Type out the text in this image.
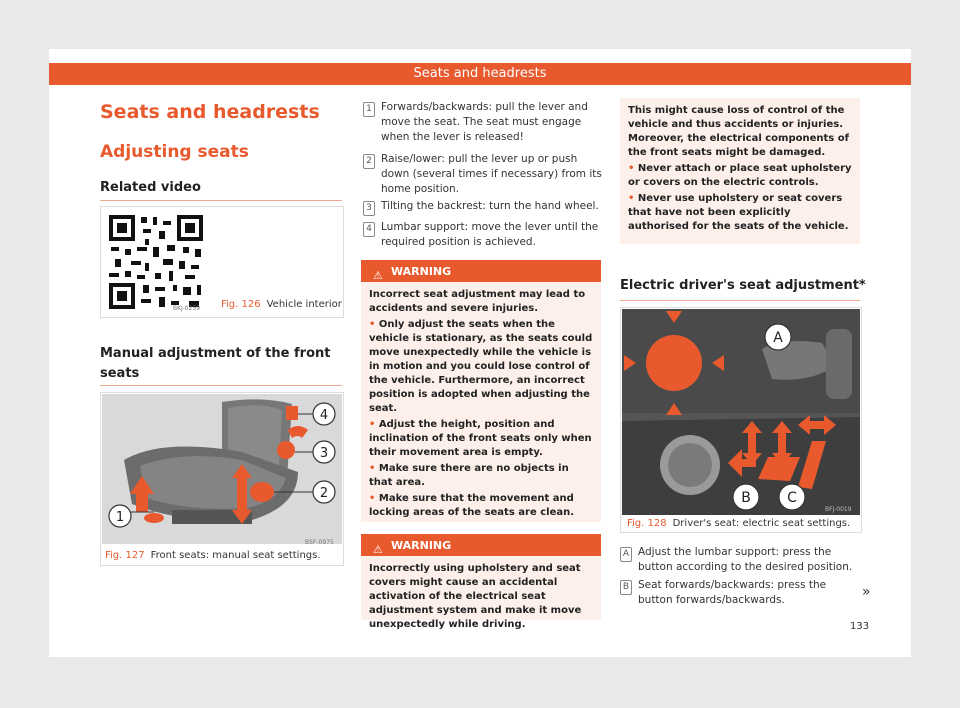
Seats and headrests
Seats and headrests
Adjusting seats
Related video
BKJ-0259 Fig. 126 Vehicle interior
Manual adjustment of the front seats
1
2
3
4
B5F-0975
Fig. 127 Front seats: manual seat settings.
1 Forwards/backwards: pull the lever and move the seat. The seat must engage when the lever is released!
2 Raise/lower: pull the lever up or push down (several times if necessary) from its home position.
3 Tilting the backrest: turn the hand wheel.
4 Lumbar support: move the lever until the required position is achieved.
⚠ WARNING

Incorrect seat adjustment may lead to accidents and severe injuries.

• Only adjust the seats when the vehicle is stationary, as the seats could move unexpectedly while the vehicle is in motion and you could lose control of the vehicle. Furthermore, an incorrect position is adopted when adjusting the seat.

• Adjust the height, position and inclination of the front seats only when their movement area is empty.

• Make sure there are no objects in that area.

• Make sure that the movement and locking areas of the seats are clean.

⚠ WARNING
Incorrectly using upholstery and seat covers might cause an accidental activation of the electrical seat adjustment system and make it move unexpectedly while driving.

This might cause loss of control of the vehicle and thus accidents or injuries. Moreover, the electrical components of the front seats might be damaged.

• Never attach or place seat upholstery or covers on the electric controls.

• Never use upholstery or seat covers that have not been explicitly authorised for the seats of the vehicle.

Electric driver's seat adjustment*
A
B	C
BFJ-0019
Fig. 128 Driver's seat: electric seat settings.
A Adjust the lumbar support: press the button according to the desired position.
B Seat forwards/backwards: press the button forwards/backwards.	»
133
